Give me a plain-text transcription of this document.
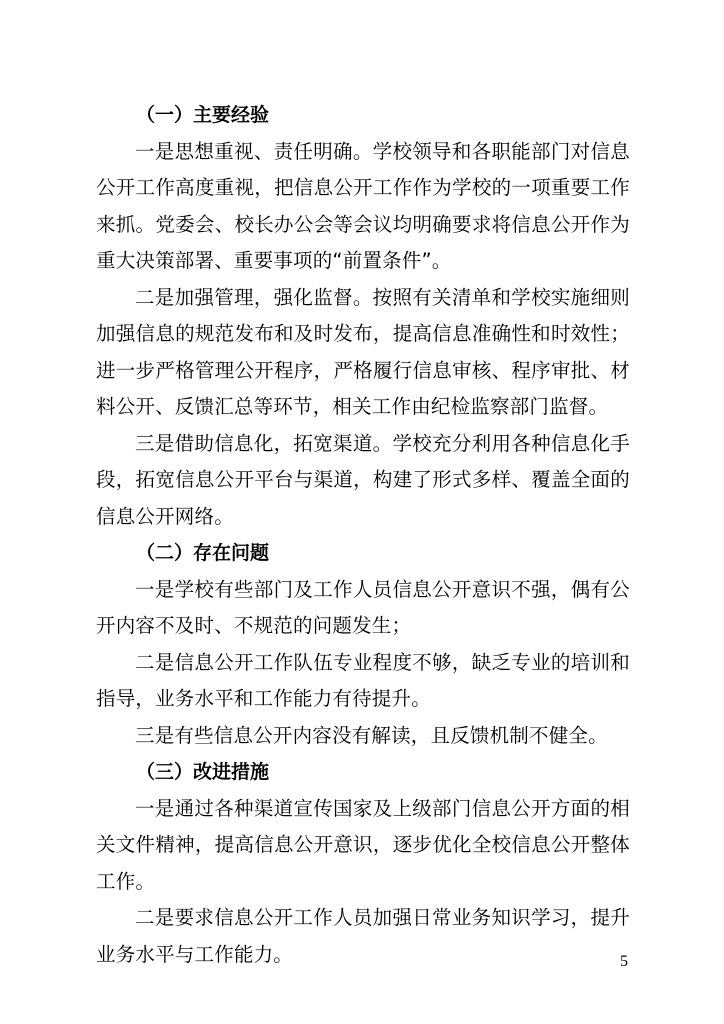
（一）主要经验

一是思想重视、责任明确。学校领导和各职能部门对信息公开工作高度重视，把信息公开工作作为学校的一项重要工作来抓。党委会、校长办公会等会议均明确要求将信息公开作为重大决策部署、重要事项的“前置条件”。

二是加强管理，强化监督。按照有关清单和学校实施细则加强信息的规范发布和及时发布，提高信息准确性和时效性；进一步严格管理公开程序，严格履行信息审核、程序审批、材料公开、反馈汇总等环节，相关工作由纪检监察部门监督。

三是借助信息化，拓宽渠道。学校充分利用各种信息化手段，拓宽信息公开平台与渠道，构建了形式多样、覆盖全面的信息公开网络。

（二）存在问题

一是学校有些部门及工作人员信息公开意识不强，偶有公开内容不及时、不规范的问题发生；

二是信息公开工作队伍专业程度不够，缺乏专业的培训和指导，业务水平和工作能力有待提升。

三是有些信息公开内容没有解读，且反馈机制不健全。

（三）改进措施

一是通过各种渠道宣传国家及上级部门信息公开方面的相关文件精神，提高信息公开意识，逐步优化全校信息公开整体工作。

二是要求信息公开工作人员加强日常业务知识学习，提升业务水平与工作能力。	5
